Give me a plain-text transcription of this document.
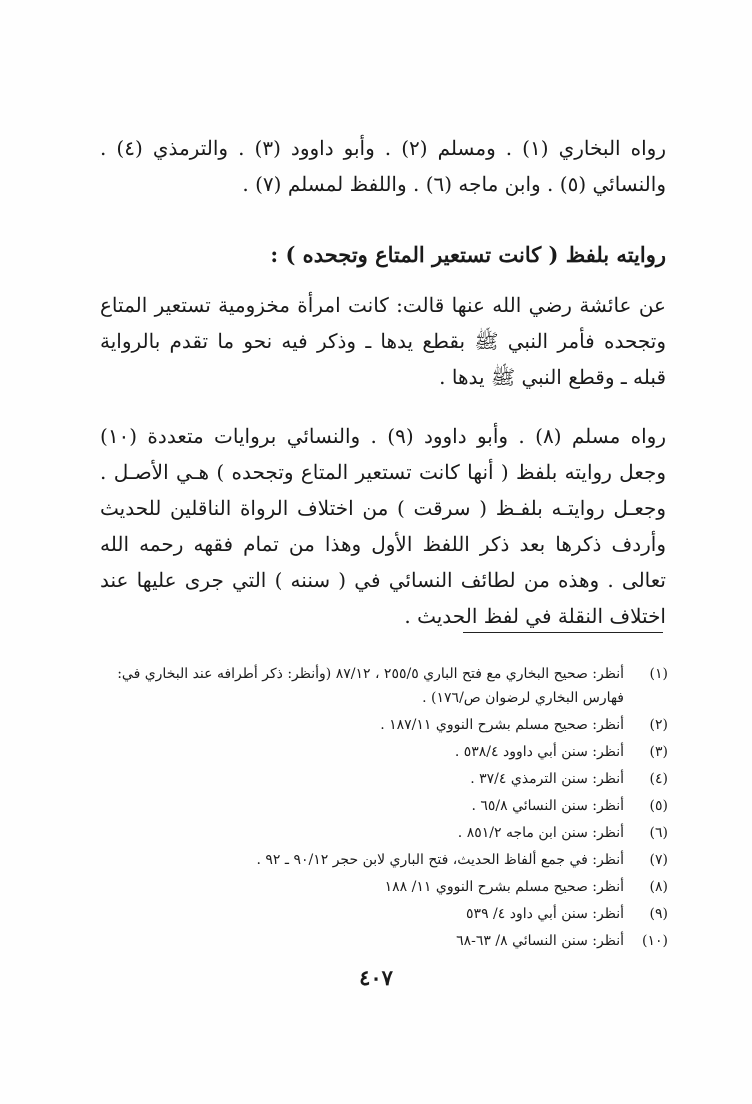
رواه البخاري (١) . ومسلم (٢) . وأبو داوود (٣) . والترمذي (٤) . والنسائي (٥) . وابن ماجه (٦) . واللفظ لمسلم (٧) .

روايته بلفظ ( كانت تستعير المتاع وتجحده ) :

عن عائشة رضي الله عنها قالت: كانت امرأة مخزومية تستعير المتاع وتجحده فأمر النبي ﷺ بقطع يدها ـ وذكر فيه نحو ما تقدم بالرواية قبله ـ وقطع النبي ﷺ يدها .

رواه مسلم (٨) . وأبو داوود (٩) . والنسائي بروايات متعددة (١٠) وجعل روايته بلفظ ( أنها كانت تستعير المتاع وتجحده ) هـي الأصـل . وجعـل روايتـه بلفـظ ( سرقت ) من اختلاف الرواة الناقلين للحديث وأردف ذكرها بعد ذكر اللفظ الأول وهذا من تمام فقهه رحمه الله تعالى . وهذه من لطائف النسائي في ( سننه ) التي جرى عليها عند اختلاف النقلة في لفظ الحديث .

(١)
أنظر: صحيح البخاري مع فتح الباري ٢٥٥/٥ ، ٨٧/١٢ (وأنظر: ذكر أطرافه عند البخاري في: فهارس البخاري لرضوان ص/١٧٦) .
(٢)
أنظر: صحيح مسلم بشرح النووي ١٨٧/١١ .
(٣)
أنظر: سنن أبي داوود ٥٣٨/٤ .
(٤)
أنظر: سنن الترمذي ٣٧/٤ .
(٥)
أنظر: سنن النسائي ٦٥/٨ .
(٦)
أنظر: سنن ابن ماجه ٨٥١/٢ .
(٧)
أنظر: في جمع ألفاظ الحديث، فتح الباري لابن حجر ٩٠/١٢ ـ ٩٢ .
(٨)
أنظر: صحيح مسلم بشرح النووي ١١/ ١٨٨
(٩)
أنظر: سنن أبي داود ٤/ ٥٣٩
(١٠)
أنظر: سنن النسائي ٨/ ٦٣-٦٨
٤٠٧
